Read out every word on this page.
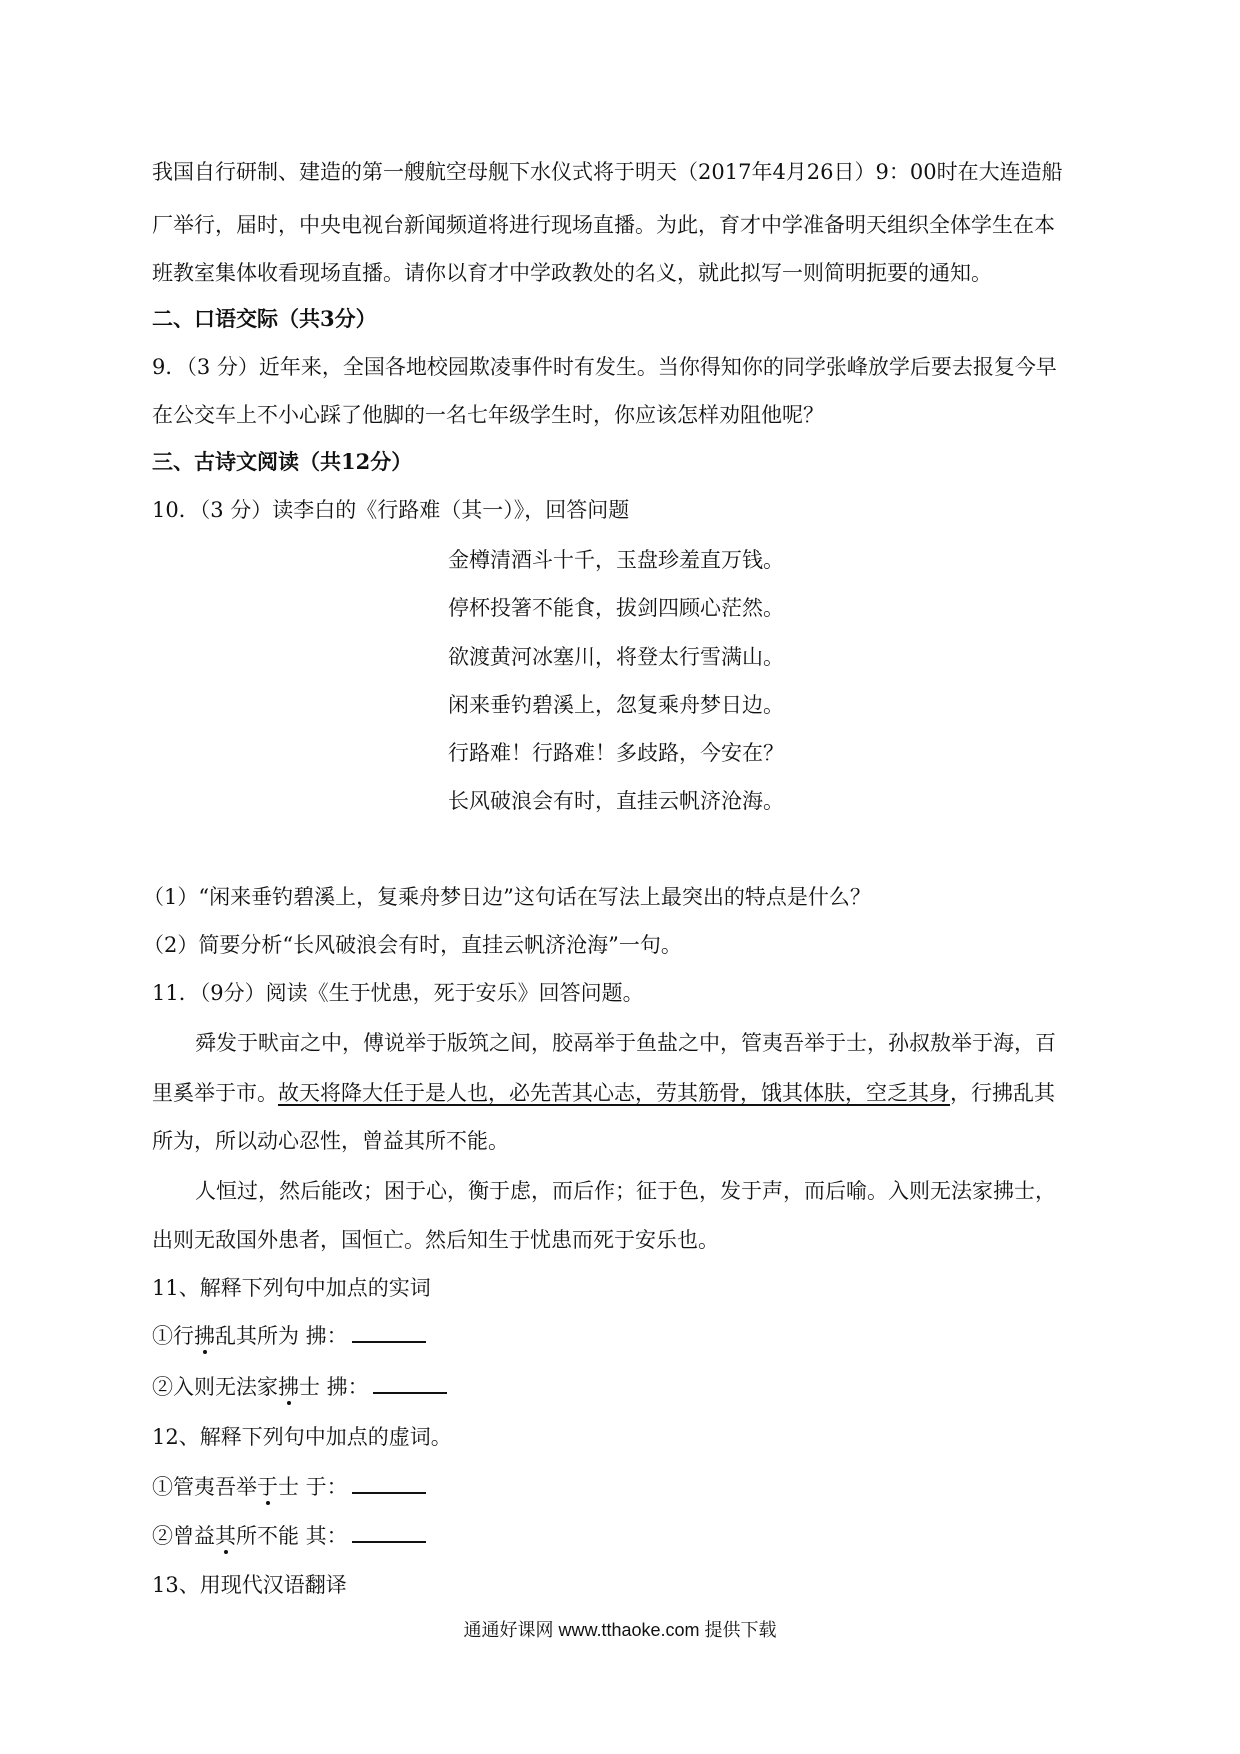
我国自行研制、建造的第一艘航空母舰下水仪式将于明天（2017年4月26日）9：00时在大连造船
厂举行，届时，中央电视台新闻频道将进行现场直播。为此，育才中学准备明天组织全体学生在本
班教室集体收看现场直播。请你以育才中学政教处的名义，就此拟写一则简明扼要的通知。
二、口语交际（共3分）
9．（3 分）近年来，全国各地校园欺凌事件时有发生。当你得知你的同学张峰放学后要去报复今早
在公交车上不小心踩了他脚的一名七年级学生时，你应该怎样劝阻他呢？
三、古诗文阅读（共12分）
10．（3 分）读李白的《行路难（其一）》，回答问题
金樽清酒斗十千，玉盘珍羞直万钱。
停杯投箸不能食，拔剑四顾心茫然。
欲渡黄河冰塞川，将登太行雪满山。
闲来垂钓碧溪上，忽复乘舟梦日边。
行路难！行路难！多歧路，今安在？
长风破浪会有时，直挂云帆济沧海。
（1）“闲来垂钓碧溪上，复乘舟梦日边”这句话在写法上最突出的特点是什么？
（2）简要分析“长风破浪会有时，直挂云帆济沧海”一句。
11．（9分）阅读《生于忧患，死于安乐》回答问题。
舜发于畎亩之中，傅说举于版筑之间，胶鬲举于鱼盐之中，管夷吾举于士，孙叔敖举于海，百
里奚举于市。故天将降大任于是人也，必先苦其心志，劳其筋骨，饿其体肤，空乏其身，行拂乱其
所为，所以动心忍性，曾益其所不能。
人恒过，然后能改；困于心，衡于虑，而后作；征于色，发于声，而后喻。入则无法家拂士，
出则无敌国外患者，国恒亡。然后知生于忧患而死于安乐也。
11、解释下列句中加点的实词
①行拂乱其所为 拂：
②入则无法家拂士 拂：
12、解释下列句中加点的虚词。
①管夷吾举于士 于：
②曾益其所不能 其：
13、用现代汉语翻译
通通好课网 www.tthaoke.com 提供下载
